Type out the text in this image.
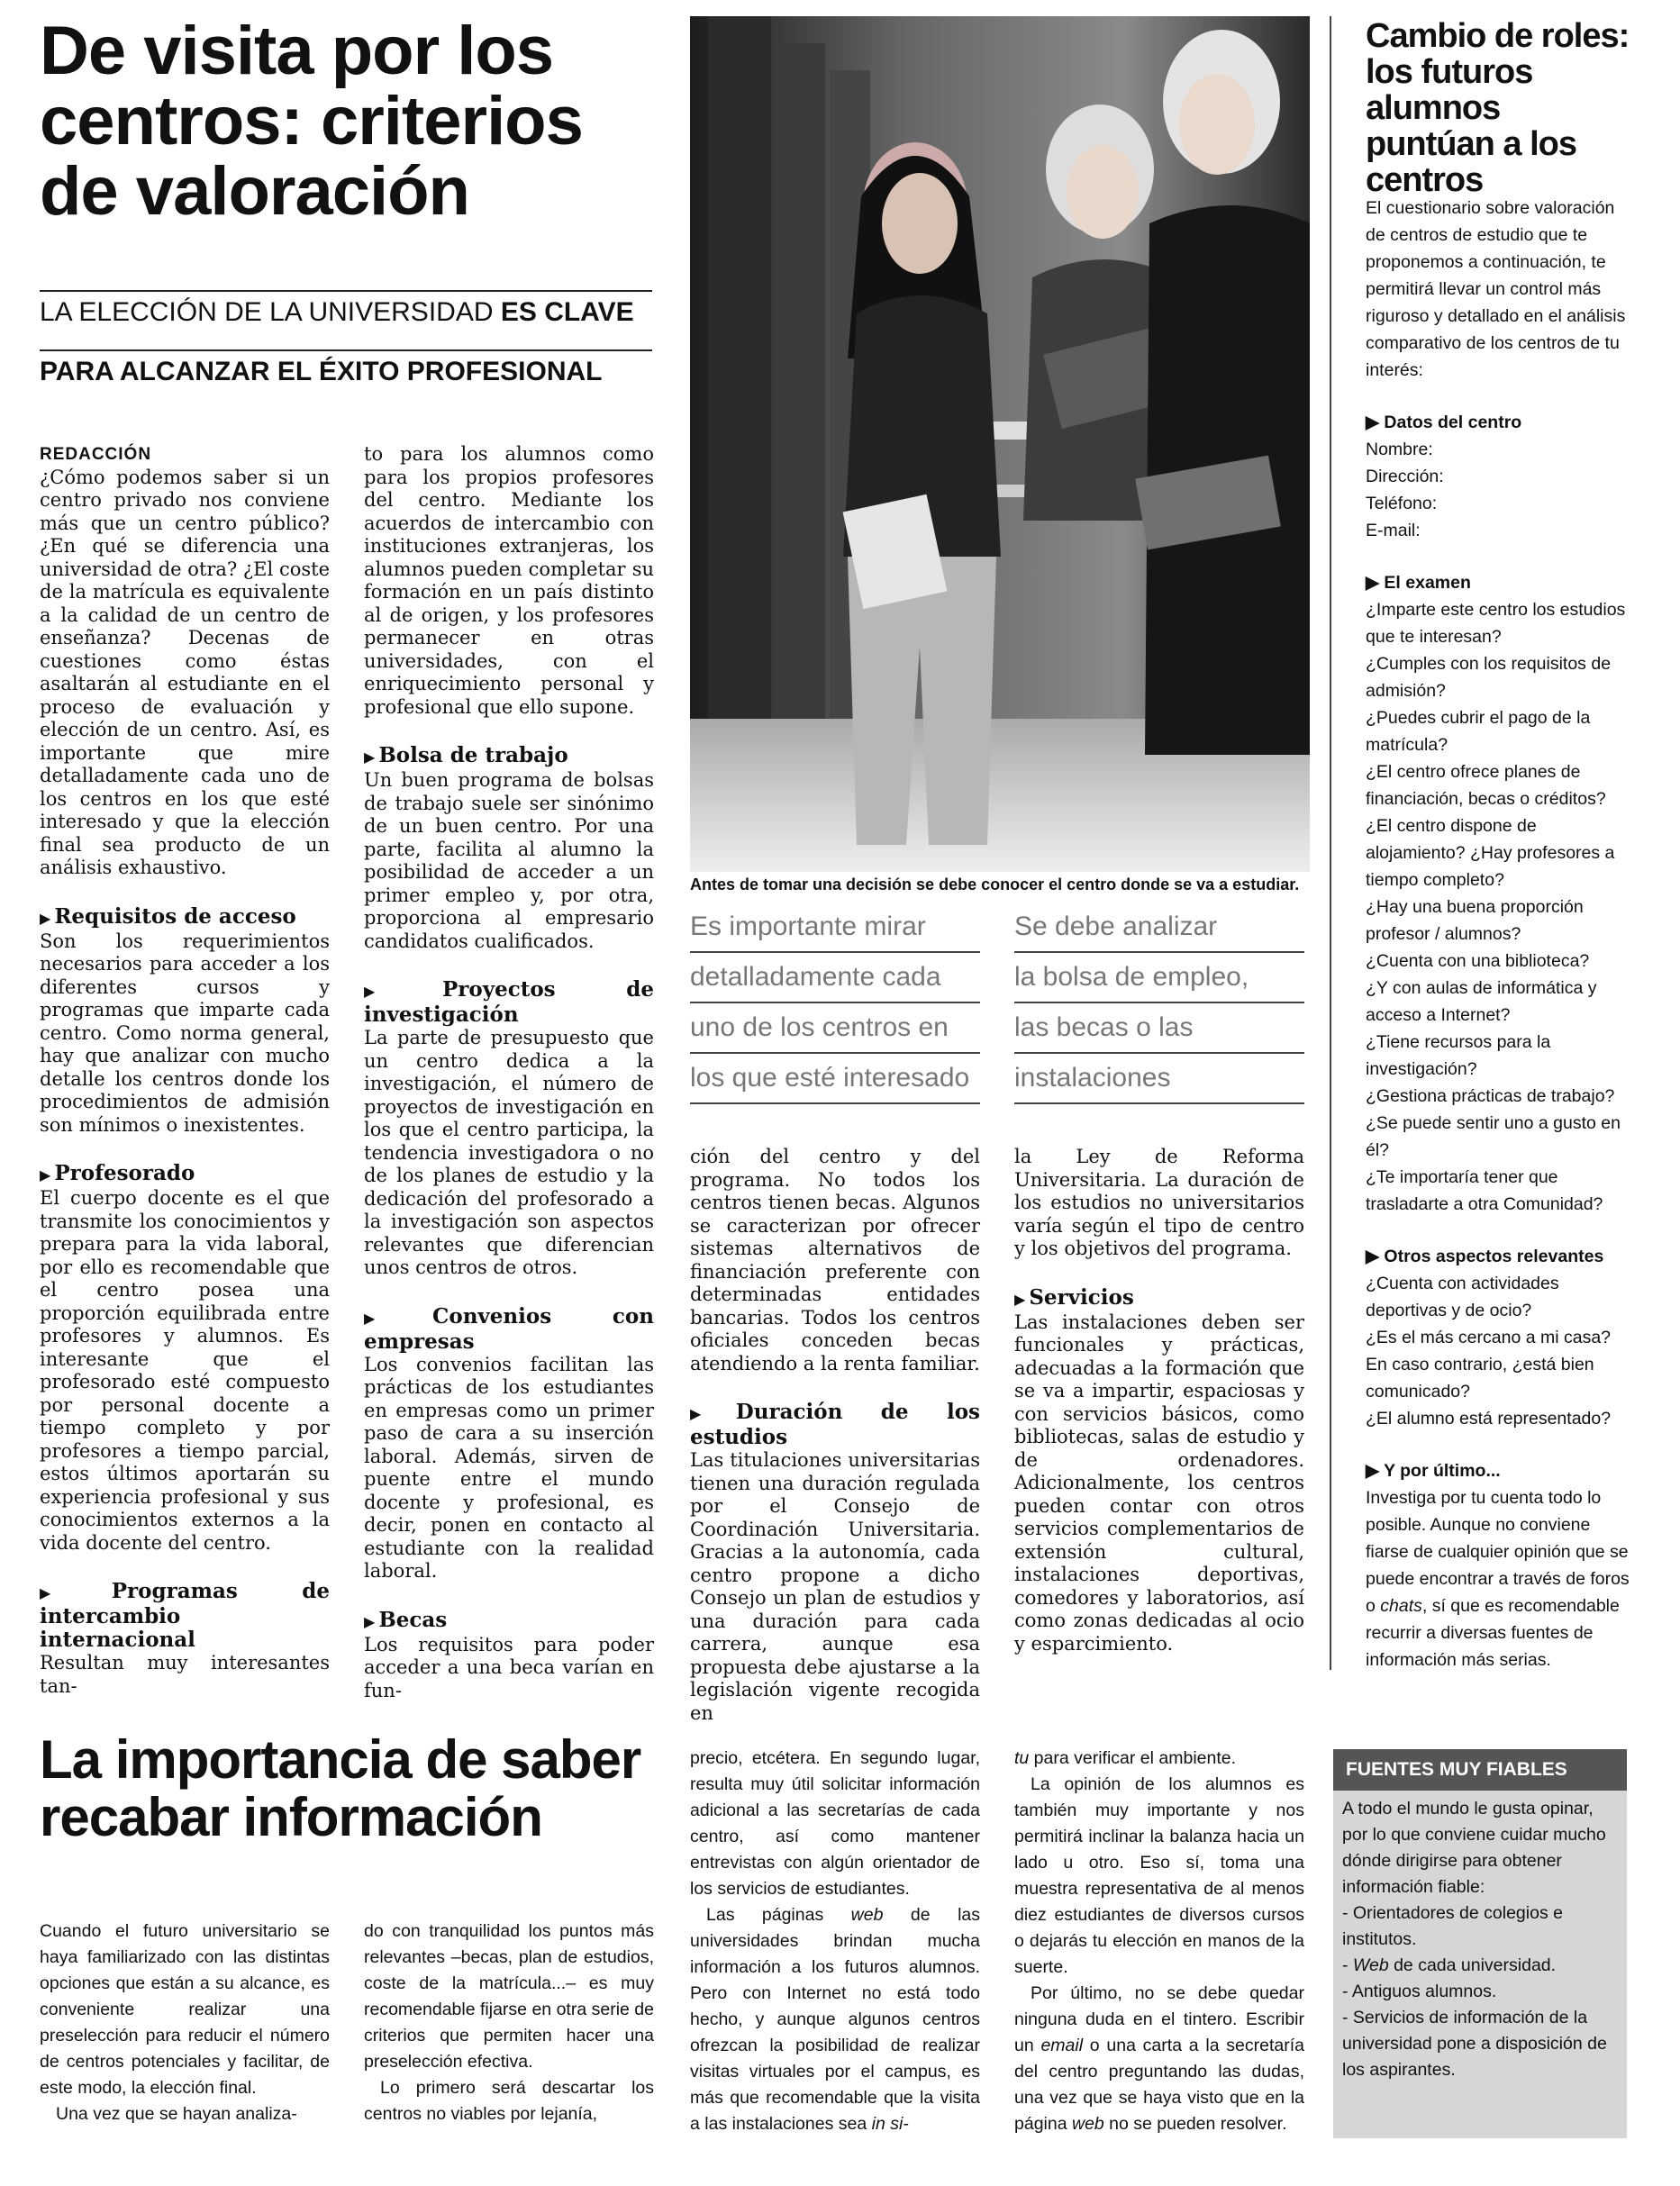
De visita por los centros: criterios de valoración
LA ELECCIÓN DE LA UNIVERSIDAD ES CLAVE
PARA ALCANZAR EL ÉXITO PROFESIONAL

REDACCIÓN

¿Cómo podemos saber si un centro privado nos conviene más que un centro público? ¿En qué se diferencia una universidad de otra? ¿El coste de la matrícula es equivalente a la calidad de un centro de enseñanza? Decenas de cuestiones como éstas asaltarán al estudiante en el proceso de evaluación y elección de un centro. Así, es importante que mire detalladamente cada uno de los centros en los que esté interesado y que la elección final sea producto de un análisis exhaustivo.

▶ Requisitos de acceso

Son los requerimientos necesarios para acceder a los diferentes cursos y programas que imparte cada centro. Como norma general, hay que analizar con mucho detalle los centros donde los procedimientos de admisión son mínimos o inexistentes.

▶ Profesorado

El cuerpo docente es el que transmite los conocimientos y prepara para la vida laboral, por ello es recomendable que el centro posea una proporción equilibrada entre profesores y alumnos. Es interesante que el profesorado esté compuesto por personal docente a tiempo completo y por profesores a tiempo parcial, estos últimos aportarán su experiencia profesional y sus conocimientos externos a la vida docente del centro.

▶ Programas de intercambio internacional

Resultan muy interesantes tan-

to para los alumnos como para los propios profesores del centro. Mediante los acuerdos de intercambio con instituciones extranjeras, los alumnos pueden completar su formación en un país distinto al de origen, y los profesores permanecer en otras universidades, con el enriquecimiento personal y profesional que ello supone.

▶ Bolsa de trabajo

Un buen programa de bolsas de trabajo suele ser sinónimo de un buen centro. Por una parte, facilita al alumno la posibilidad de acceder a un primer empleo y, por otra, proporciona al empresario candidatos cualificados.

▶ Proyectos de investigación

La parte de presupuesto que un centro dedica a la investigación, el número de proyectos de investigación en los que el centro participa, la tendencia investigadora o no de los planes de estudio y la dedicación del profesorado a la investigación son aspectos relevantes que diferencian unos centros de otros.

▶ Convenios con empresas

Los convenios facilitan las prácticas de los estudiantes en empresas como un primer paso de cara a su inserción laboral. Además, sirven de puente entre el mundo docente y profesional, es decir, ponen en contacto al estudiante con la realidad laboral.

▶ Becas

Los requisitos para poder acceder a una beca varían en fun-

Antes de tomar una decisión se debe conocer el centro donde se va a estudiar.
Es importante mirar
detalladamente cada
uno de los centros en
los que esté interesado
Se debe analizar
la bolsa de empleo,
las becas o las
instalaciones

ción del centro y del programa. No todos los centros tienen becas. Algunos se caracterizan por ofrecer sistemas alternativos de financiación preferente con determinadas entidades bancarias. Todos los centros oficiales conceden becas atendiendo a la renta familiar.

▶ Duración de los estudios

Las titulaciones universitarias tienen una duración regulada por el Consejo de Coordinación Universitaria. Gracias a la autonomía, cada centro propone a dicho Consejo un plan de estudios y una duración para cada carrera, aunque esa propuesta debe ajustarse a la legislación vigente recogida en

la Ley de Reforma Universitaria. La duración de los estudios no universitarios varía según el tipo de centro y los objetivos del programa.

▶ Servicios

Las instalaciones deben ser funcionales y prácticas, adecuadas a la formación que se va a impartir, espaciosas y con servicios básicos, como bibliotecas, salas de estudio y de ordenadores. Adicionalmente, los centros pueden contar con otros servicios complementarios de extensión cultural, instalaciones deportivas, comedores y laboratorios, así como zonas dedicadas al ocio y esparcimiento.

Cambio de roles: los futuros alumnos puntúan a los centros

El cuestionario sobre valoración de centros de estudio que te proponemos a continuación, te permitirá llevar un control más riguroso y detallado en el análisis comparativo de los centros de tu interés:

▶ Datos del centro

Nombre:

Dirección:

Teléfono:

E-mail:

▶ El examen

¿Imparte este centro los estudios que te interesan?

¿Cumples con los requisitos de admisión?

¿Puedes cubrir el pago de la matrícula?

¿El centro ofrece planes de financiación, becas o créditos?

¿El centro dispone de alojamiento? ¿Hay profesores a tiempo completo?

¿Hay una buena proporción profesor / alumnos?

¿Cuenta con una biblioteca?

¿Y con aulas de informática y acceso a Internet?

¿Tiene recursos para la investigación?

¿Gestiona prácticas de trabajo?

¿Se puede sentir uno a gusto en él?

¿Te importaría tener que trasladarte a otra Comunidad?

▶ Otros aspectos relevantes

¿Cuenta con actividades deportivas y de ocio?

¿Es el más cercano a mi casa?

En caso contrario, ¿está bien comunicado?

¿El alumno está representado?

▶ Y por último...

Investiga por tu cuenta todo lo posible. Aunque no conviene fiarse de cualquier opinión que se puede encontrar a través de foros o chats, sí que es recomendable recurrir a diversas fuentes de información más serias.

La importancia de saber recabar información

Cuando el futuro universitario se haya familiarizado con las distintas opciones que están a su alcance, es conveniente realizar una preselección para reducir el número de centros potenciales y facilitar, de este modo, la elección final.

Una vez que se hayan analiza-

do con tranquilidad los puntos más relevantes –becas, plan de estudios, coste de la matrícula...– es muy recomendable fijarse en otra serie de criterios que permiten hacer una preselección efectiva.

Lo primero será descartar los centros no viables por lejanía,

precio, etcétera. En segundo lugar, resulta muy útil solicitar información adicional a las secretarías de cada centro, así como mantener entrevistas con algún orientador de los servicios de estudiantes.

Las páginas web de las universidades brindan mucha información a los futuros alumnos. Pero con Internet no está todo hecho, y aunque algunos centros ofrezcan la posibilidad de realizar visitas virtuales por el campus, es más que recomendable que la visita a las instalaciones sea in si-

tu para verificar el ambiente.

La opinión de los alumnos es también muy importante y nos permitirá inclinar la balanza hacia un lado u otro. Eso sí, toma una muestra representativa de al menos diez estudiantes de diversos cursos o dejarás tu elección en manos de la suerte.

Por último, no se debe quedar ninguna duda en el tintero. Escribir un email o una carta a la secretaría del centro preguntando las dudas, una vez que se haya visto que en la página web no se pueden resolver.

FUENTES MUY FIABLES

A todo el mundo le gusta opinar, por lo que conviene cuidar mucho dónde dirigirse para obtener información fiable:

- Orientadores de colegios e institutos.

- Web de cada universidad.

- Antiguos alumnos.

- Servicios de información de la universidad pone a disposición de los aspirantes.
